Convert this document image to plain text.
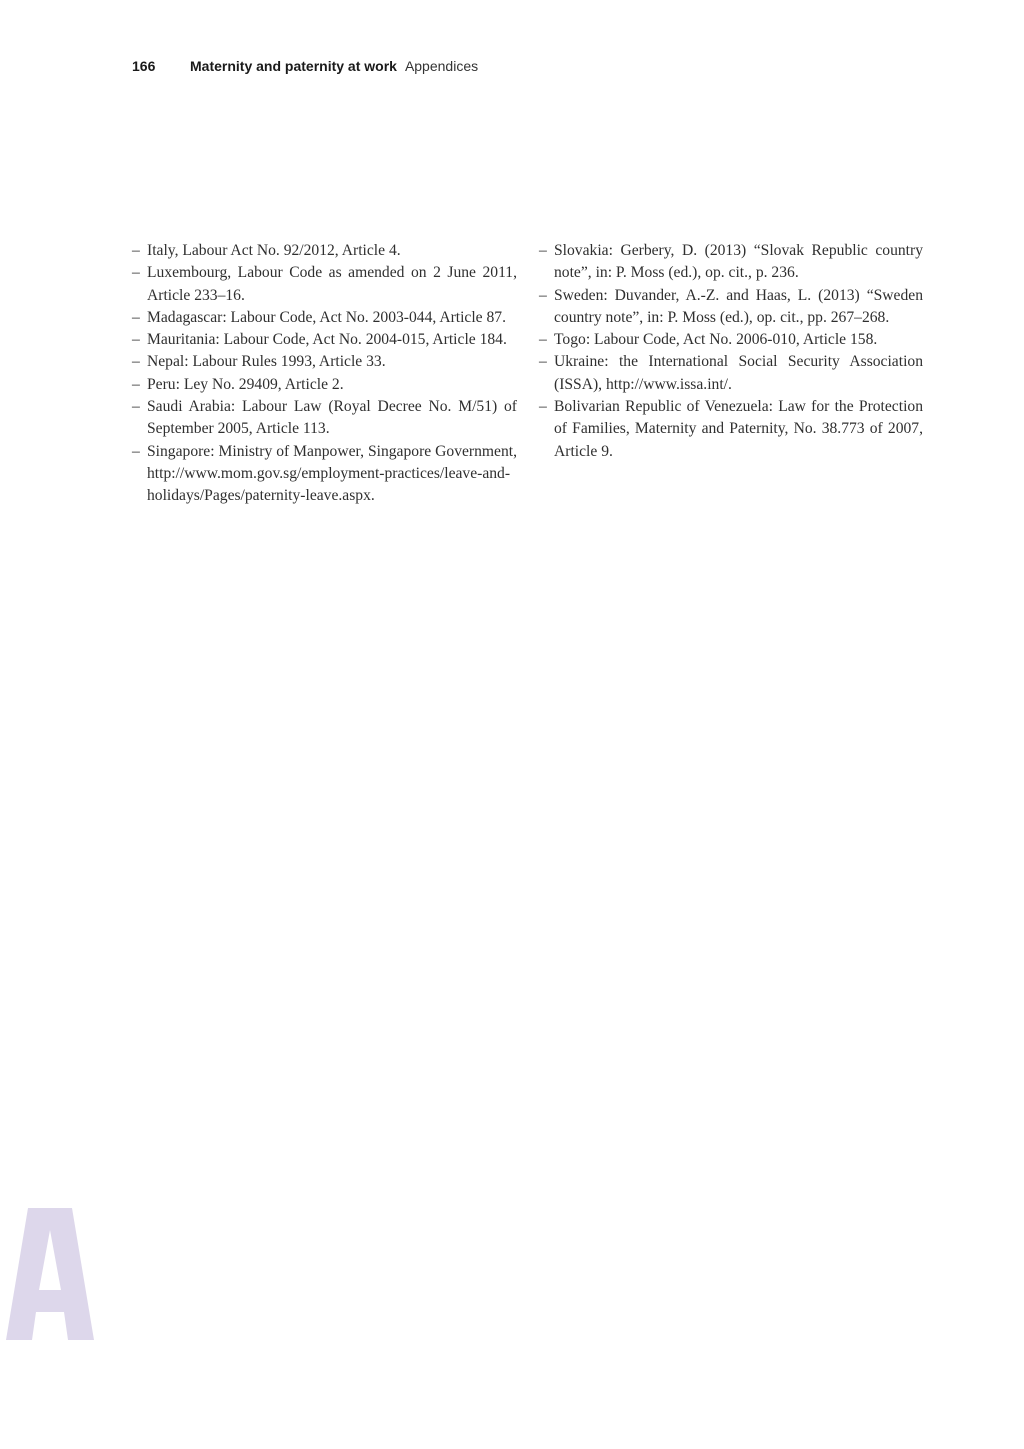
166	Maternity and paternity at work Appendices
– Italy, Labour Act No. 92/2012, Article 4.
– Luxembourg, Labour Code as amended on 2 June 2011, Article 233–16.
– Madagascar: Labour Code, Act No. 2003-044, Article 87.
– Mauritania: Labour Code, Act No. 2004-015, Article 184.
– Nepal: Labour Rules 1993, Article 33.
– Peru: Ley No. 29409, Article 2.
– Saudi Arabia: Labour Law (Royal Decree No. M/51) of September 2005, Article 113.
– Singapore: Ministry of Manpower, Singapore Government, http://www.mom.gov.sg/employment-practices/leave-and-holidays/Pages/paternity-leave.aspx.
– Slovakia: Gerbery, D. (2013) “Slovak Republic country note”, in: P. Moss (ed.), op. cit., p. 236.
– Sweden: Duvander, A.-Z. and Haas, L. (2013) “Sweden country note”, in: P. Moss (ed.), op. cit., pp. 267–268.
– Togo: Labour Code, Act No. 2006-010, Article 158.
– Ukraine: the International Social Security Association (ISSA), http://www.issa.int/.
– Bolivarian Republic of Venezuela: Law for the Protection of Families, Maternity and Paternity, No. 38.773 of 2007, Article 9.
